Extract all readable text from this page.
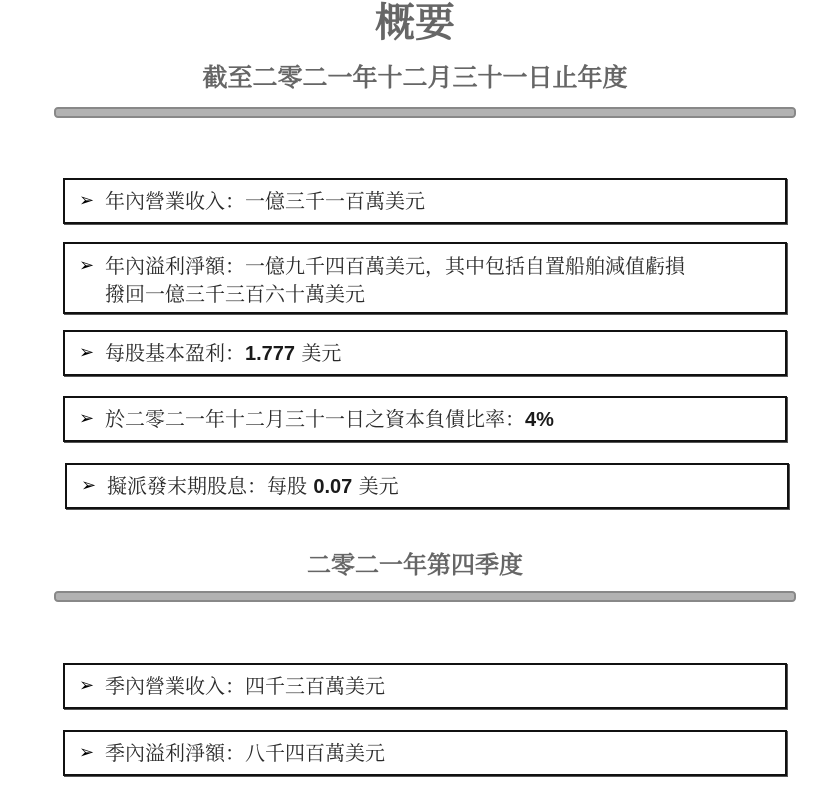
概要
截至二零二一年十二月三十一日止年度
➢ 年內營業收入：一億三千一百萬美元
➢ 年內溢利淨額：一億九千四百萬美元，其中包括自置船舶減值虧損
撥回一億三千三百六十萬美元
➢ 每股基本盈利：1.777 美元
➢ 於二零二一年十二月三十一日之資本負債比率：4%
➢ 擬派發末期股息：每股 0.07 美元
二零二一年第四季度
➢ 季內營業收入：四千三百萬美元
➢ 季內溢利淨額：八千四百萬美元
